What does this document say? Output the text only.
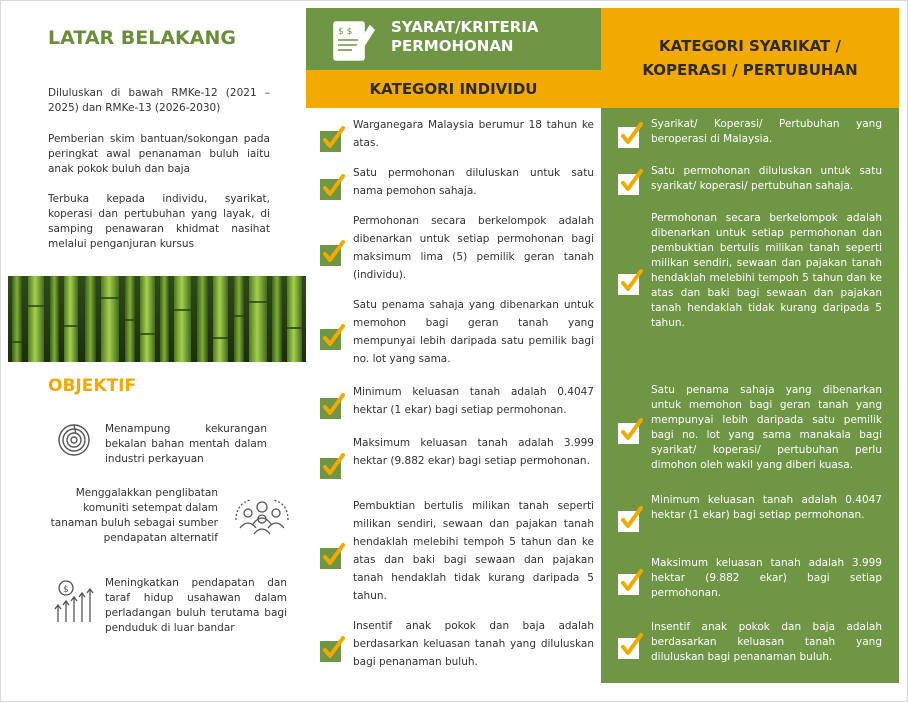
LATAR BELAKANG
Diluluskan di bawah RMKe-12 (2021 – 2025) dan RMKe-13 (2026-2030)
Pemberian skim bantuan/sokongan pada peringkat awal penanaman buluh iaitu anak pokok buluh dan baja
Terbuka kepada individu, syarikat, koperasi dan pertubuhan yang layak, di samping penawaran khidmat nasihat melalui penganjuran kursus
OBJEKTIF
Menampung kekurangan bekalan bahan mentah dalam industri perkayuan
Menggalakkan penglibatan komuniti setempat dalam tanaman buluh sebagai sumber pendapatan alternatif
$
Meningkatkan pendapatan dan taraf hidup usahawan dalam perladangan buluh terutama bagi penduduk di luar bandar
$ $	SYARAT/KRITERIA PERMOHONAN
KATEGORI INDIVIDU
Warganegara Malaysia berumur 18 tahun ke atas.
Satu permohonan diluluskan untuk satu nama pemohon sahaja.
Permohonan secara berkelompok adalah dibenarkan untuk setiap permohonan bagi maksimum lima (5) pemilik geran tanah (individu).
Satu penama sahaja yang dibenarkan untuk memohon bagi geran tanah yang mempunyai lebih daripada satu pemilik bagi no. lot yang sama.
Minimum keluasan tanah adalah 0.4047 hektar (1 ekar) bagi setiap permohonan.
Maksimum keluasan tanah adalah 3.999 hektar (9.882 ekar) bagi setiap permohonan.
Pembuktian bertulis milikan tanah seperti milikan sendiri, sewaan dan pajakan tanah hendaklah melebihi tempoh 5 tahun dan ke atas dan baki bagi sewaan dan pajakan tanah hendaklah tidak kurang daripada 5 tahun.
Insentif anak pokok dan baja adalah berdasarkan keluasan tanah yang diluluskan bagi penanaman buluh.
KATEGORI SYARIKAT / KOPERASI / PERTUBUHAN
Syarikat/ Koperasi/ Pertubuhan yang beroperasi di Malaysia.
Satu permohonan diluluskan untuk satu syarikat/ koperasi/ pertubuhan sahaja.
Permohonan secara berkelompok adalah dibenarkan untuk setiap permohonan dan pembuktian bertulis milikan tanah seperti milikan sendiri, sewaan dan pajakan tanah hendaklah melebihi tempoh 5 tahun dan ke atas dan baki bagi sewaan dan pajakan tanah hendaklah tidak kurang daripada 5 tahun.
Satu penama sahaja yang dibenarkan untuk memohon bagi geran tanah yang mempunyai lebih daripada satu pemilik bagi no. lot yang sama manakala bagi syarikat/ koperasi/ pertubuhan perlu dimohon oleh wakil yang diberi kuasa.
Minimum keluasan tanah adalah 0.4047 hektar (1 ekar) bagi setiap permohonan.
Maksimum keluasan tanah adalah 3.999 hektar (9.882 ekar) bagi setiap permohonan.
Insentif anak pokok dan baja adalah berdasarkan keluasan tanah yang diluluskan bagi penanaman buluh.
